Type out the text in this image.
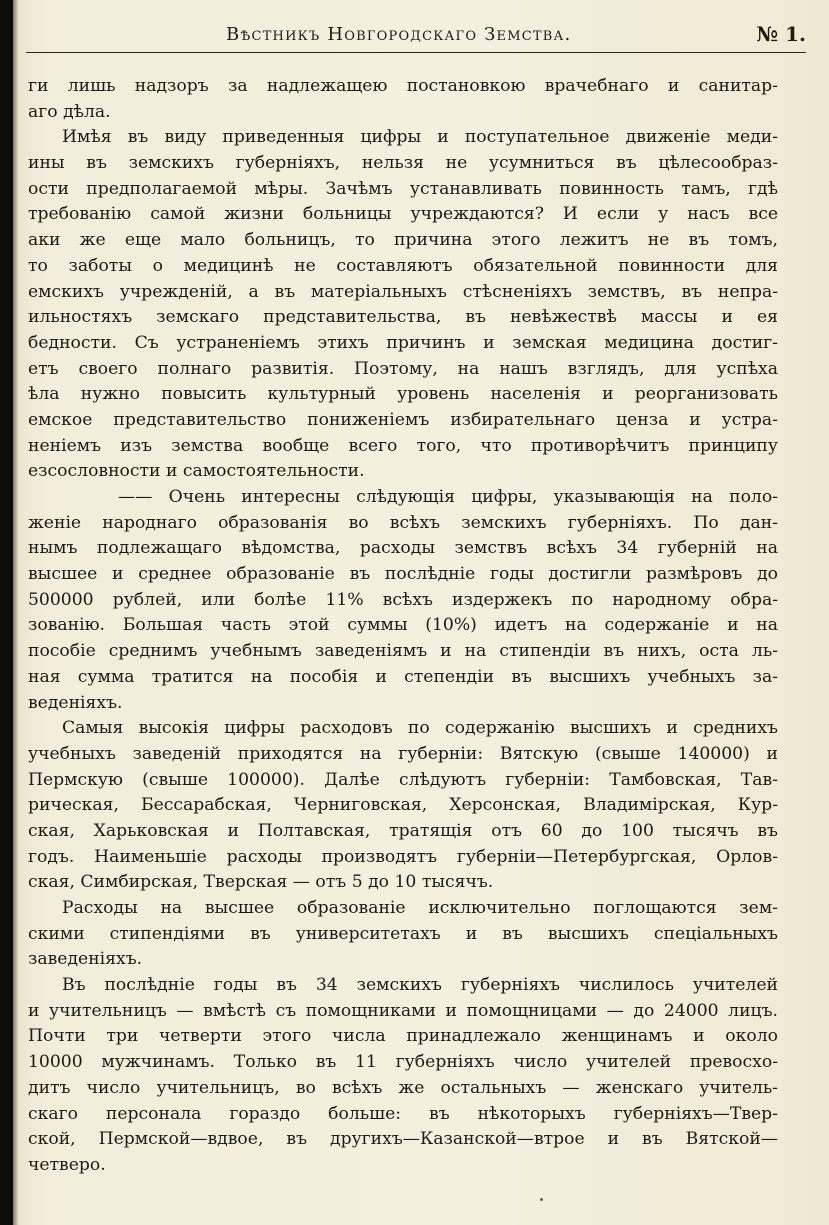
Вѣстникъ Новгородскаго Земства.	№ 1.
ги лишь надзоръ за надлежащею постановкою врачебнаго и санитар-
аго дѣла.
Имѣя въ виду приведенныя цифры и поступательное движеніе меди-
ины въ земскихъ губерніяхъ, нельзя не усумниться въ цѣлесообраз-
ости предполагаемой мѣры. Зачѣмъ устанавливать повинность тамъ, гдѣ
требованію самой жизни больницы учреждаются? И если у насъ все
аки же еще мало больницъ, то причина этого лежитъ не въ томъ,
то заботы о медицинѣ не составляютъ обязательной повинности для
емскихъ учрежденій, а въ матеріальныхъ стѣсненіяхъ земствъ, въ непра-
ильностяхъ земскаго представительства, въ невѣжествѣ массы и ея
бедности. Съ устраненіемъ этихъ причинъ и земская медицина достиг-
етъ своего полнаго развитія. Поэтому, на нашъ взглядъ, для успѣха
ѣла нужно повысить культурный уровень населенія и реорганизовать
емское представительство пониженіемъ избирательнаго ценза и устра-
неніемъ изъ земства вообще всего того, что противорѣчитъ принципу
езсословности и самостоятельности.
—— Очень интересны слѣдующія цифры, указывающія на поло-
женіе народнаго образованія во всѣхъ земскихъ губерніяхъ. По дан-
нымъ подлежащаго вѣдомства, расходы земствъ всѣхъ 34 губерній на
высшее и среднее образованіе въ послѣдніе годы достигли размѣровъ до
500000 рублей, или болѣе 11% всѣхъ издержекъ по народному обра-
зованію. Большая часть этой суммы (10%) идетъ на содержаніе и на
пособіе среднимъ учебнымъ заведеніямъ и на стипендіи въ нихъ, оста ль-
ная сумма тратится на пособія и степендіи въ высшихъ учебныхъ за-
веденіяхъ.
Самыя высокія цифры расходовъ по содержанію высшихъ и среднихъ
учебныхъ заведеній приходятся на губерніи: Вятскую (свыше 140000) и
Пермскую (свыше 100000). Далѣе слѣдуютъ губерніи: Тамбовская, Тав-
рическая, Бессарабская, Черниговская, Херсонская, Владимірская, Кур-
ская, Харьковская и Полтавская, тратящія отъ 60 до 100 тысячъ въ
годъ. Наименьшіе расходы производятъ губерніи—Петербургская, Орлов-
ская, Симбирская, Тверская — отъ 5 до 10 тысячъ.
Расходы на высшее образованіе исключительно поглощаются зем-
скими стипендіями въ университетахъ и въ высшихъ спеціальныхъ
заведеніяхъ.
Въ послѣдніе годы въ 34 земскихъ губерніяхъ числилось учителей
и учительницъ — вмѣстѣ съ помощниками и помощницами — до 24000 лицъ.
Почти три четверти этого числа принадлежало женщинамъ и около
10000 мужчинамъ. Только въ 11 губерніяхъ число учителей превосхо-
дитъ число учительницъ, во всѣхъ же остальныхъ — женскаго учитель-
скаго персонала гораздо больше: въ нѣкоторыхъ губерніяхъ—Твер-
ской, Пермской—вдвое, въ другихъ—Казанской—втрое и въ Вятской—
четверо.
